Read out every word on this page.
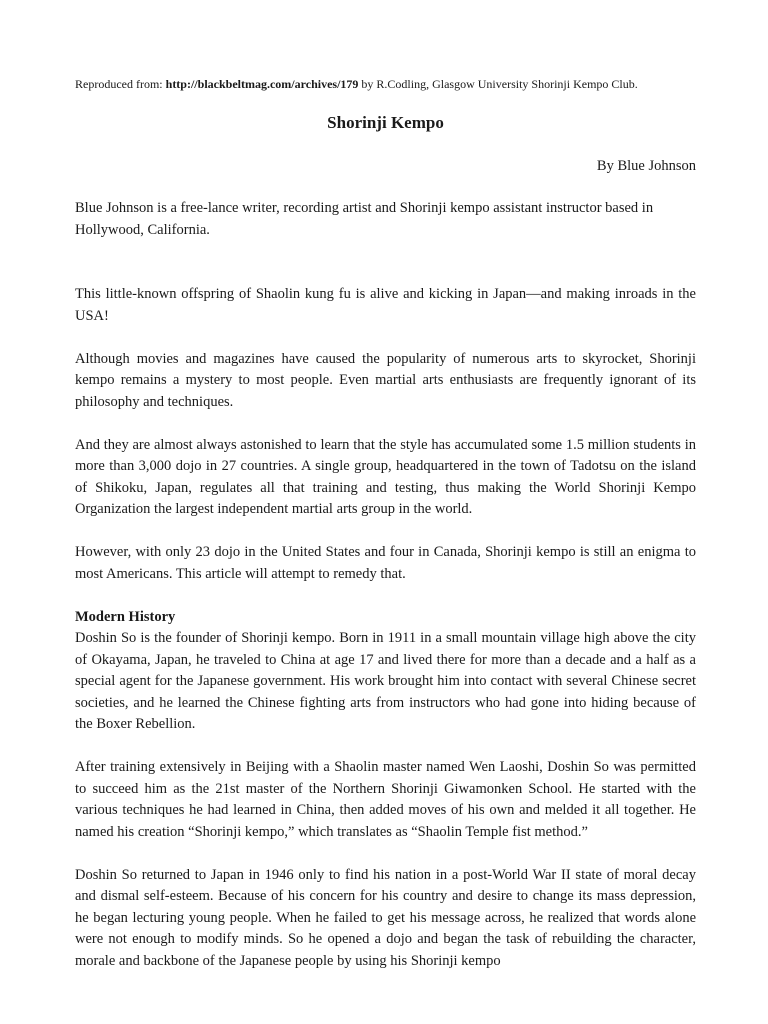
Reproduced from: http://blackbeltmag.com/archives/179 by R.Codling, Glasgow University Shorinji Kempo Club.
Shorinji Kempo
By Blue Johnson

Blue Johnson is a free-lance writer, recording artist and Shorinji kempo assistant instructor based in Hollywood, California.

This little-known offspring of Shaolin kung fu is alive and kicking in Japan—and making inroads in the USA!

Although movies and magazines have caused the popularity of numerous arts to skyrocket, Shorinji kempo remains a mystery to most people. Even martial arts enthusiasts are frequently ignorant of its philosophy and techniques.

And they are almost always astonished to learn that the style has accumulated some 1.5 million students in more than 3,000 dojo in 27 countries. A single group, headquartered in the town of Tadotsu on the island of Shikoku, Japan, regulates all that training and testing, thus making the World Shorinji Kempo Organization the largest independent martial arts group in the world.

However, with only 23 dojo in the United States and four in Canada, Shorinji kempo is still an enigma to most Americans. This article will attempt to remedy that.

Modern History

Doshin So is the founder of Shorinji kempo. Born in 1911 in a small mountain village high above the city of Okayama, Japan, he traveled to China at age 17 and lived there for more than a decade and a half as a special agent for the Japanese government. His work brought him into contact with several Chinese secret societies, and he learned the Chinese fighting arts from instructors who had gone into hiding because of the Boxer Rebellion.

After training extensively in Beijing with a Shaolin master named Wen Laoshi, Doshin So was permitted to succeed him as the 21st master of the Northern Shorinji Giwamonken School. He started with the various techniques he had learned in China, then added moves of his own and melded it all together. He named his creation “Shorinji kempo,” which translates as “Shaolin Temple fist method.”

Doshin So returned to Japan in 1946 only to find his nation in a post-World War II state of moral decay and dismal self-esteem. Because of his concern for his country and desire to change its mass depression, he began lecturing young people. When he failed to get his message across, he realized that words alone were not enough to modify minds. So he opened a dojo and began the task of rebuilding the character, morale and backbone of the Japanese people by using his Shorinji kempo
